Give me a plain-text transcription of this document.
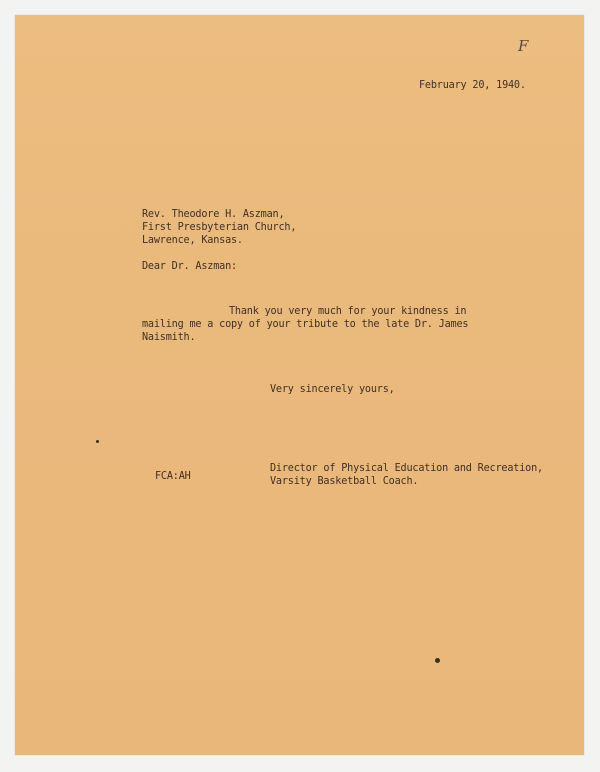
F
February 20, 1940.
Rev. Theodore H. Aszman,
First Presbyterian Church,
Lawrence, Kansas.
Dear Dr. Aszman:
Thank you very much for your kindness in
mailing me a copy of your tribute to the late Dr. James
Naismith.
Very sincerely yours,
Director of Physical Education and Recreation,
Varsity Basketball Coach.
FCA:AH
